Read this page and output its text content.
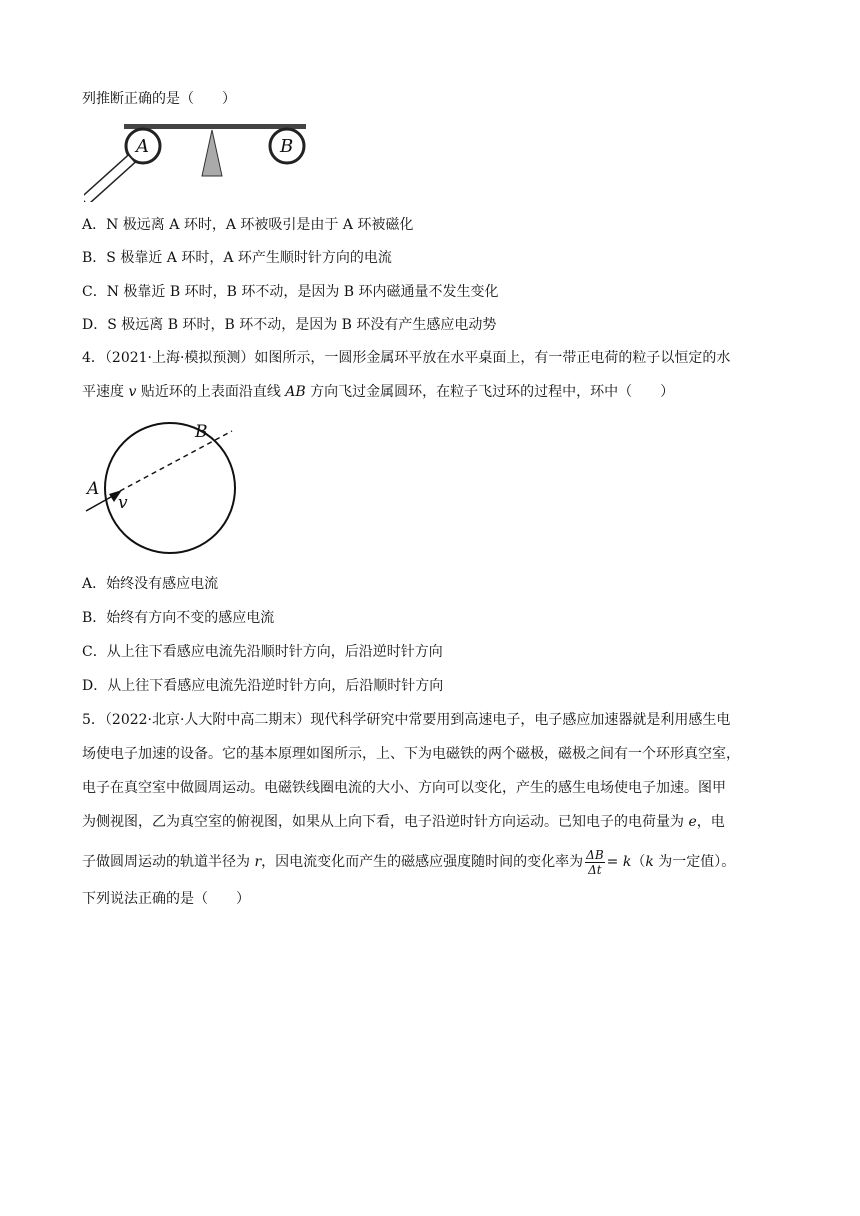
列推断正确的是（　　）
A	B
A．N 极远离 A 环时，A 环被吸引是由于 A 环被磁化
B．S 极靠近 A 环时，A 环产生顺时针方向的电流
C．N 极靠近 B 环时，B 环不动，是因为 B 环内磁通量不发生变化
D．S 极远离 B 环时，B 环不动，是因为 B 环没有产生感应电动势
4．（2021·上海·模拟预测）如图所示，一圆形金属环平放在水平桌面上，有一带正电荷的粒子以恒定的水
平速度 v 贴近环的上表面沿直线 AB 方向飞过金属圆环，在粒子飞过环的过程中，环中（　　）
A
B
v
A．始终没有感应电流
B．始终有方向不变的感应电流
C．从上往下看感应电流先沿顺时针方向，后沿逆时针方向
D．从上往下看感应电流先沿逆时针方向，后沿顺时针方向
5．（2022·北京·人大附中高二期末）现代科学研究中常要用到高速电子，电子感应加速器就是利用感生电
场使电子加速的设备。它的基本原理如图所示，上、下为电磁铁的两个磁极，磁极之间有一个环形真空室，
电子在真空室中做圆周运动。电磁铁线圈电流的大小、方向可以变化，产生的感生电场使电子加速。图甲
为侧视图，乙为真空室的俯视图，如果从上向下看，电子沿逆时针方向运动。已知电子的电荷量为 e，电
子做圆周运动的轨道半径为 r，因电流变化而产生的磁感应强度随时间的变化率为 $\frac{\Delta B}{\Delta t} = k(k$ 为一定值）。
下列说法正确的是（　　）
